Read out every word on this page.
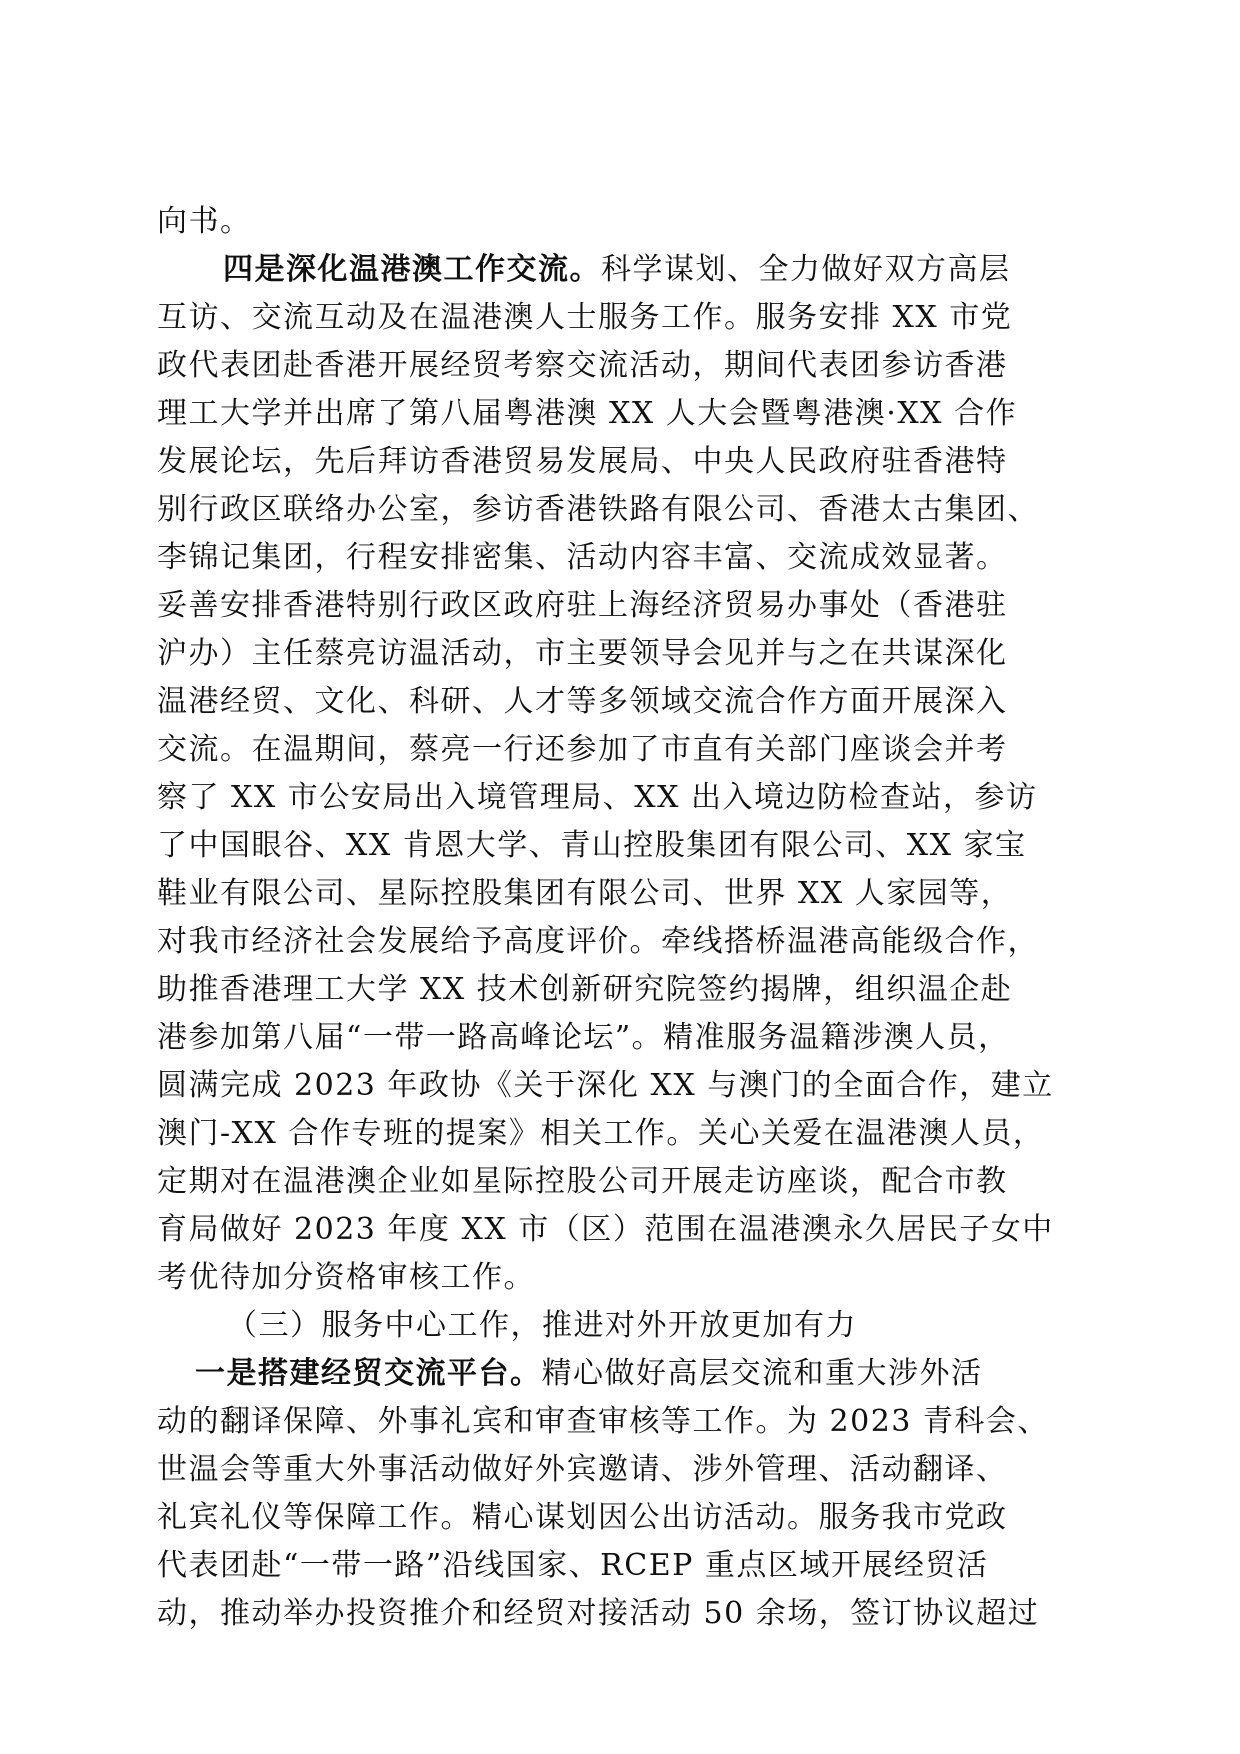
向书。
四是深化温港澳工作交流。科学谋划、全力做好双方高层
互访、交流互动及在温港澳人士服务工作。服务安排 XX 市党
政代表团赴香港开展经贸考察交流活动，期间代表团参访香港
理工大学并出席了第八届粤港澳 XX 人大会暨粤港澳·XX 合作
发展论坛，先后拜访香港贸易发展局、中央人民政府驻香港特
别行政区联络办公室，参访香港铁路有限公司、香港太古集团、
李锦记集团，行程安排密集、活动内容丰富、交流成效显著。
妥善安排香港特别行政区政府驻上海经济贸易办事处（香港驻
沪办）主任蔡亮访温活动，市主要领导会见并与之在共谋深化
温港经贸、文化、科研、人才等多领域交流合作方面开展深入
交流。在温期间，蔡亮一行还参加了市直有关部门座谈会并考
察了 XX 市公安局出入境管理局、XX 出入境边防检查站，参访
了中国眼谷、XX 肯恩大学、青山控股集团有限公司、XX 家宝
鞋业有限公司、星际控股集团有限公司、世界 XX 人家园等，
对我市经济社会发展给予高度评价。牵线搭桥温港高能级合作，
助推香港理工大学 XX 技术创新研究院签约揭牌，组织温企赴
港参加第八届“一带一路高峰论坛”。精准服务温籍涉澳人员，
圆满完成 2023 年政协《关于深化 XX 与澳门的全面合作，建立
澳门-XX 合作专班的提案》相关工作。关心关爱在温港澳人员，
定期对在温港澳企业如星际控股公司开展走访座谈，配合市教
育局做好 2023 年度 XX 市（区）范围在温港澳永久居民子女中
考优待加分资格审核工作。
（三）服务中心工作，推进对外开放更加有力
一是搭建经贸交流平台。精心做好高层交流和重大涉外活
动的翻译保障、外事礼宾和审查审核等工作。为 2023 青科会、
世温会等重大外事活动做好外宾邀请、涉外管理、活动翻译、
礼宾礼仪等保障工作。精心谋划因公出访活动。服务我市党政
代表团赴“一带一路”沿线国家、RCEP 重点区域开展经贸活
动，推动举办投资推介和经贸对接活动 50 余场，签订协议超过
